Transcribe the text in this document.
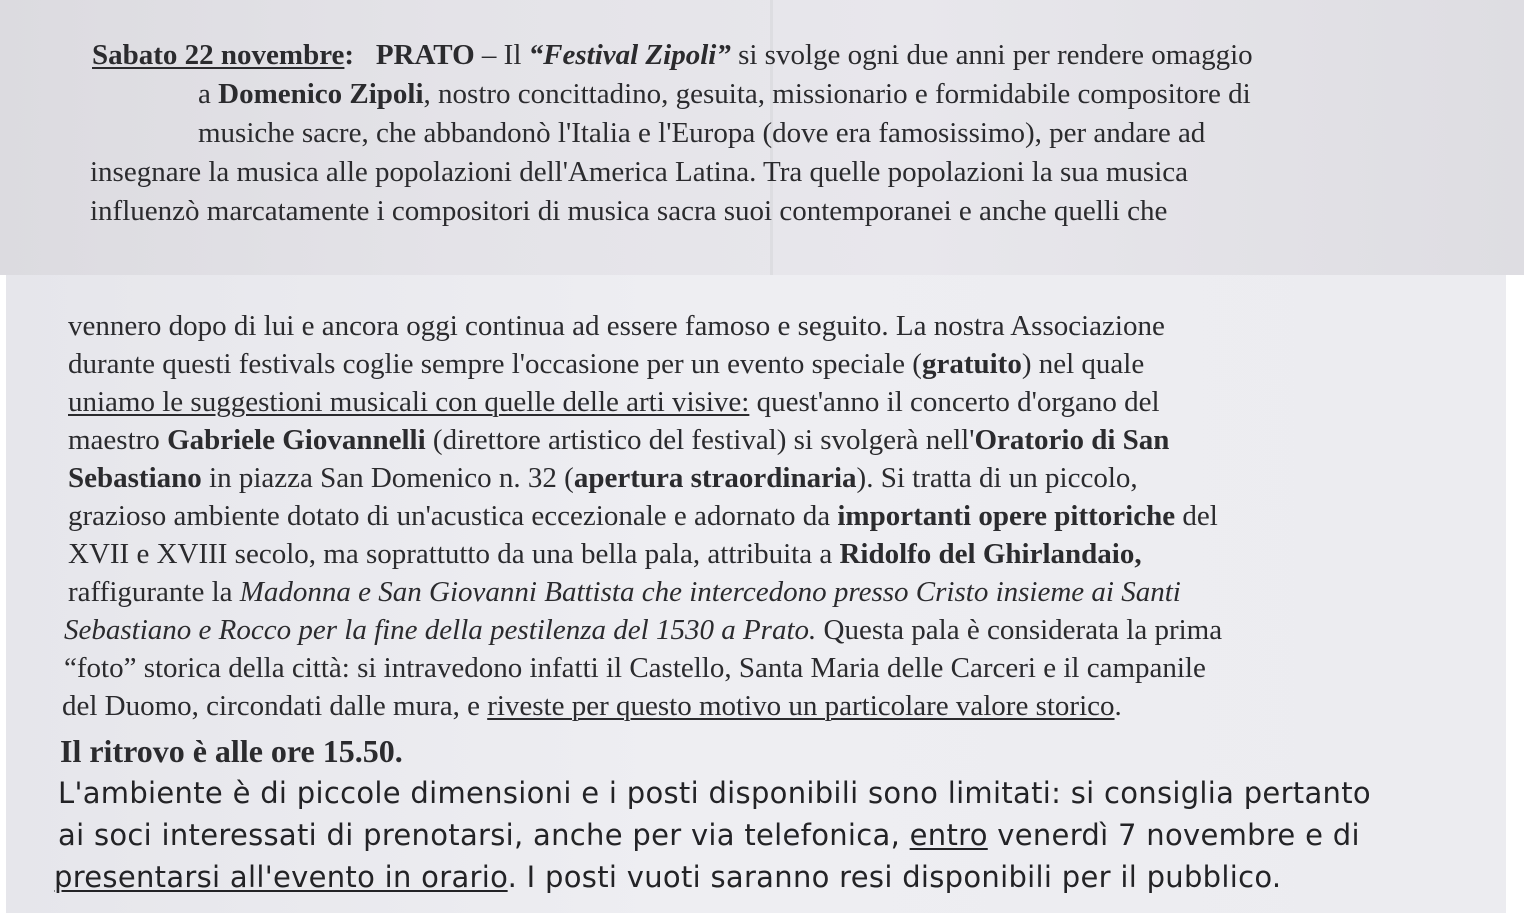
Sabato 22 novembre: PRATO – Il “Festival Zipoli” si svolge ogni due anni per rendere omaggio
a Domenico Zipoli, nostro concittadino, gesuita, missionario e formidabile compositore di
musiche sacre, che abbandonò l'Italia e l'Europa (dove era famosissimo), per andare ad
insegnare la musica alle popolazioni dell'America Latina. Tra quelle popolazioni la sua musica
influenzò marcatamente i compositori di musica sacra suoi contemporanei e anche quelli che
vennero dopo di lui e ancora oggi continua ad essere famoso e seguito. La nostra Associazione
durante questi festivals coglie sempre l'occasione per un evento speciale (gratuito) nel quale
uniamo le suggestioni musicali con quelle delle arti visive: quest'anno il concerto d'organo del
maestro Gabriele Giovannelli (direttore artistico del festival) si svolgerà nell'Oratorio di San
Sebastiano in piazza San Domenico n. 32 (apertura straordinaria). Si tratta di un piccolo,
grazioso ambiente dotato di un'acustica eccezionale e adornato da importanti opere pittoriche del
XVII e XVIII secolo, ma soprattutto da una bella pala, attribuita a Ridolfo del Ghirlandaio,
raffigurante la Madonna e San Giovanni Battista che intercedono presso Cristo insieme ai Santi
Sebastiano e Rocco per la fine della pestilenza del 1530 a Prato. Questa pala è considerata la prima
“foto” storica della città: si intravedono infatti il Castello, Santa Maria delle Carceri e il campanile
del Duomo, circondati dalle mura, e riveste per questo motivo un particolare valore storico.
Il ritrovo è alle ore 15.50.
L'ambiente è di piccole dimensioni e i posti disponibili sono limitati: si consiglia pertanto
ai soci interessati di prenotarsi, anche per via telefonica, entro venerdì 7 novembre e di
presentarsi all'evento in orario. I posti vuoti saranno resi disponibili per il pubblico.
